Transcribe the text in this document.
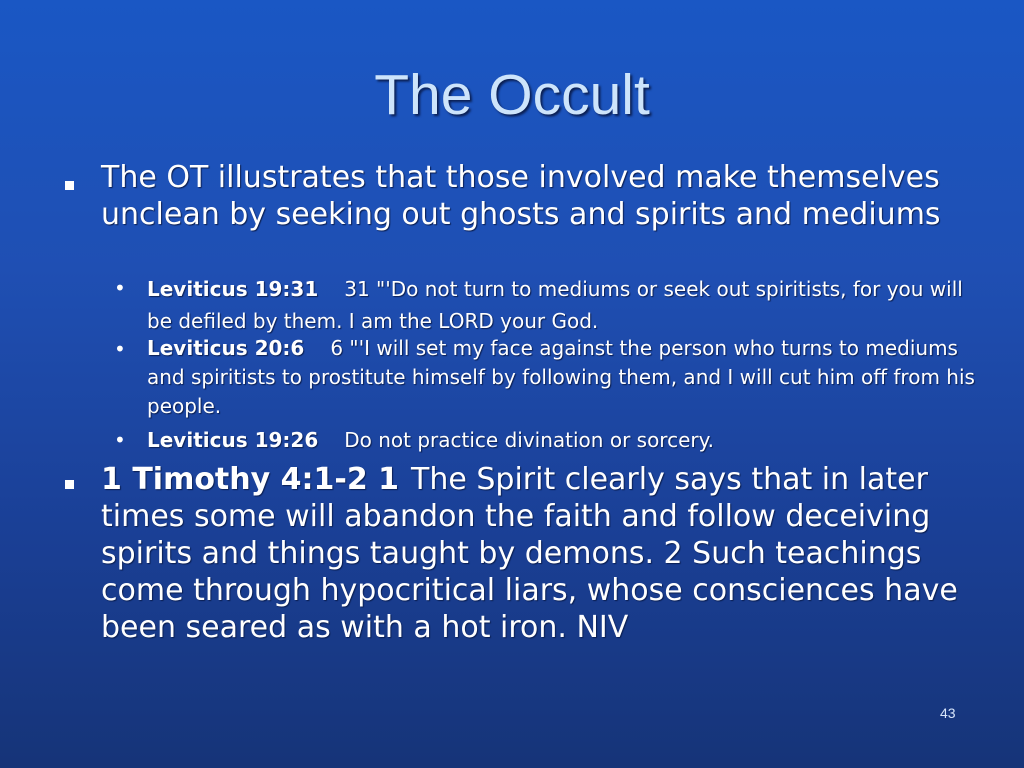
The Occult
The OT illustrates that those involved make themselves unclean by seeking out ghosts and spirits and mediums
• Leviticus 19:31 31 "'Do not turn to mediums or seek out spiritists, for you will be defiled by them. I am the LORD your God.
• Leviticus 20:6 6 "'I will set my face against the person who turns to mediums and spiritists to prostitute himself by following them, and I will cut him off from his people.
• Leviticus 19:26 Do not practice divination or sorcery.
1 Timothy 4:1-2 1 The Spirit clearly says that in later times some will abandon the faith and follow deceiving spirits and things taught by demons. 2 Such teachings come through hypocritical liars, whose consciences have been seared as with a hot iron. NIV
43
